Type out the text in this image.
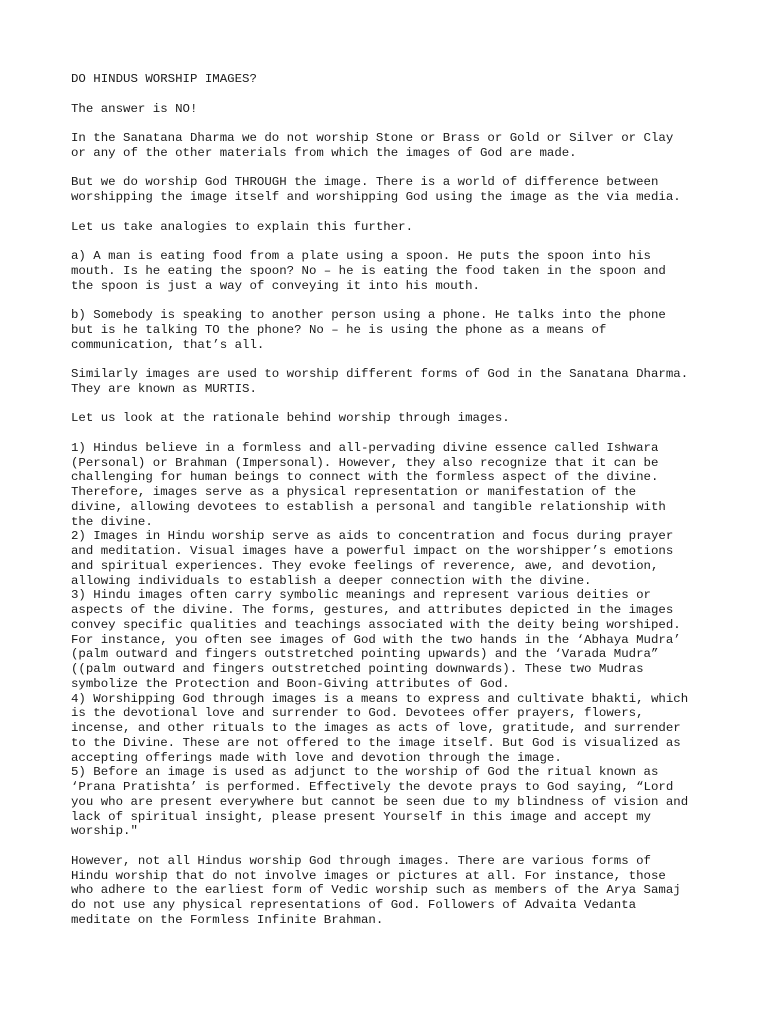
DO HINDUS WORSHIP IMAGES?

The answer is NO!

In the Sanatana Dharma we do not worship Stone or Brass or Gold or Silver or Clay
or any of the other materials from which the images of God are made.

But we do worship God THROUGH the image. There is a world of difference between
worshipping the image itself and worshipping God using the image as the via media.

Let us take analogies to explain this further.

a) A man is eating food from a plate using a spoon. He puts the spoon into his
mouth. Is he eating the spoon? No – he is eating the food taken in the spoon and
the spoon is just a way of conveying it into his mouth.

b) Somebody is speaking to another person using a phone. He talks into the phone
but is he talking TO the phone? No – he is using the phone as a means of
communication, that’s all.

Similarly images are used to worship different forms of God in the Sanatana Dharma.
They are known as MURTIS.

Let us look at the rationale behind worship through images.

1) Hindus believe in a formless and all-pervading divine essence called Ishwara
(Personal) or Brahman (Impersonal). However, they also recognize that it can be
challenging for human beings to connect with the formless aspect of the divine.
Therefore, images serve as a physical representation or manifestation of the
divine, allowing devotees to establish a personal and tangible relationship with
the divine.

2) Images in Hindu worship serve as aids to concentration and focus during prayer
and meditation. Visual images have a powerful impact on the worshipper’s emotions
and spiritual experiences. They evoke feelings of reverence, awe, and devotion,
allowing individuals to establish a deeper connection with the divine.

3) Hindu images often carry symbolic meanings and represent various deities or
aspects of the divine. The forms, gestures, and attributes depicted in the images
convey specific qualities and teachings associated with the deity being worshiped.
For instance, you often see images of God with the two hands in the ‘Abhaya Mudra’
(palm outward and fingers outstretched pointing upwards) and the ‘Varada Mudra”
((palm outward and fingers outstretched pointing downwards). These two Mudras
symbolize the Protection and Boon-Giving attributes of God.

4) Worshipping God through images is a means to express and cultivate bhakti, which
is the devotional love and surrender to God. Devotees offer prayers, flowers,
incense, and other rituals to the images as acts of love, gratitude, and surrender
to the Divine. These are not offered to the image itself. But God is visualized as
accepting offerings made with love and devotion through the image.

5) Before an image is used as adjunct to the worship of God the ritual known as
‘Prana Pratishta’ is performed. Effectively the devote prays to God saying, “Lord
you who are present everywhere but cannot be seen due to my blindness of vision and
lack of spiritual insight, please present Yourself in this image and accept my
worship."

However, not all Hindus worship God through images. There are various forms of
Hindu worship that do not involve images or pictures at all. For instance, those
who adhere to the earliest form of Vedic worship such as members of the Arya Samaj
do not use any physical representations of God. Followers of Advaita Vedanta
meditate on the Formless Infinite Brahman.
